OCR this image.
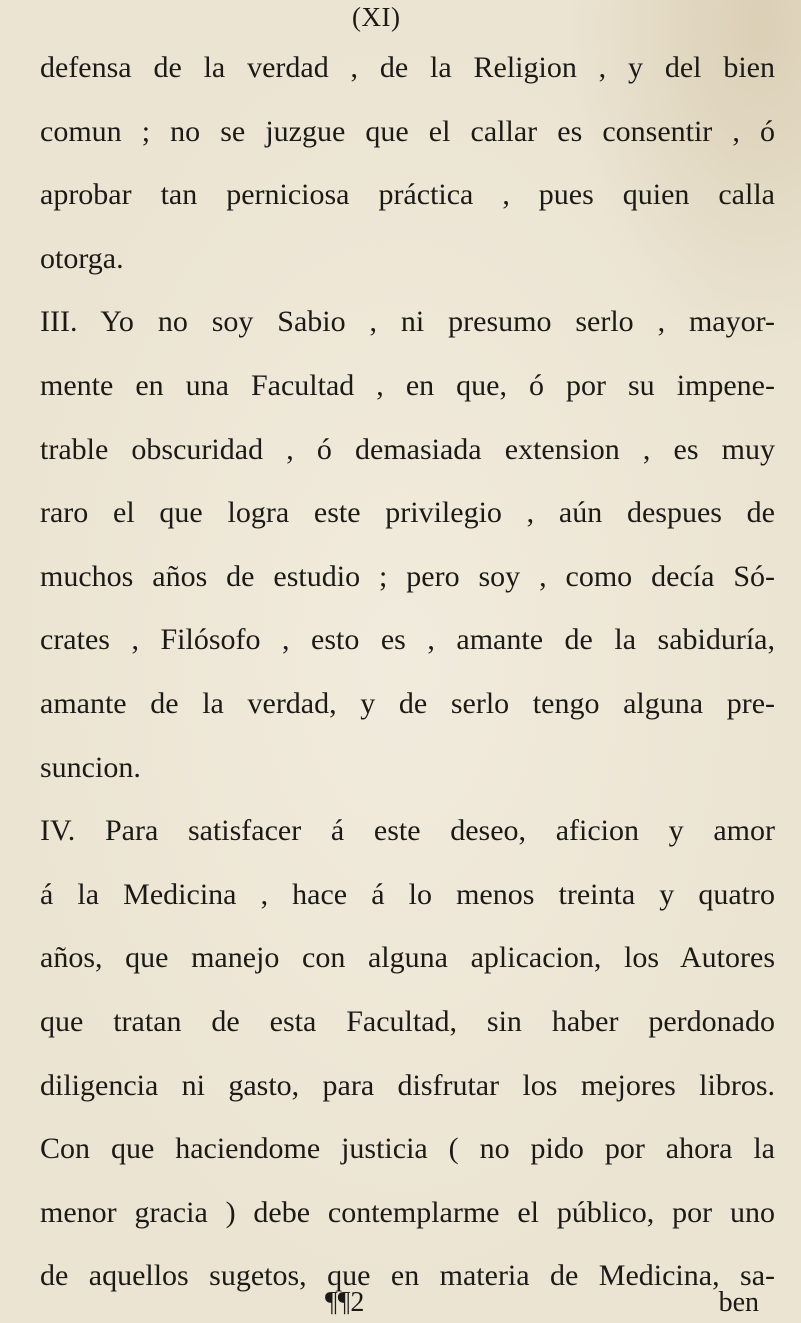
(XI)
defensa de la verdad , de la Religion , y del bien
comun ; no se juzgue que el callar es consentir , ó
aprobar tan perniciosa práctica , pues quien calla
otorga.
III. Yo no soy Sabio , ni presumo serlo , mayor-
mente en una Facultad , en que, ó por su impene-
trable obscuridad , ó demasiada extension , es muy
raro el que logra este privilegio , aún despues de
muchos años de estudio ; pero soy , como decía Só-
crates , Filósofo , esto es , amante de la sabiduría,
amante de la verdad, y de serlo tengo alguna pre-
suncion.
IV. Para satisfacer á este deseo, aficion y amor
á la Medicina , hace á lo menos treinta y quatro
años, que manejo con alguna aplicacion, los Autores
que tratan de esta Facultad, sin haber perdonado
diligencia ni gasto, para disfrutar los mejores libros.
Con que haciendome justicia ( no pido por ahora la
menor gracia ) debe contemplarme el público, por uno
de aquellos sugetos, que en materia de Medicina, sa-
¶¶2	ben
